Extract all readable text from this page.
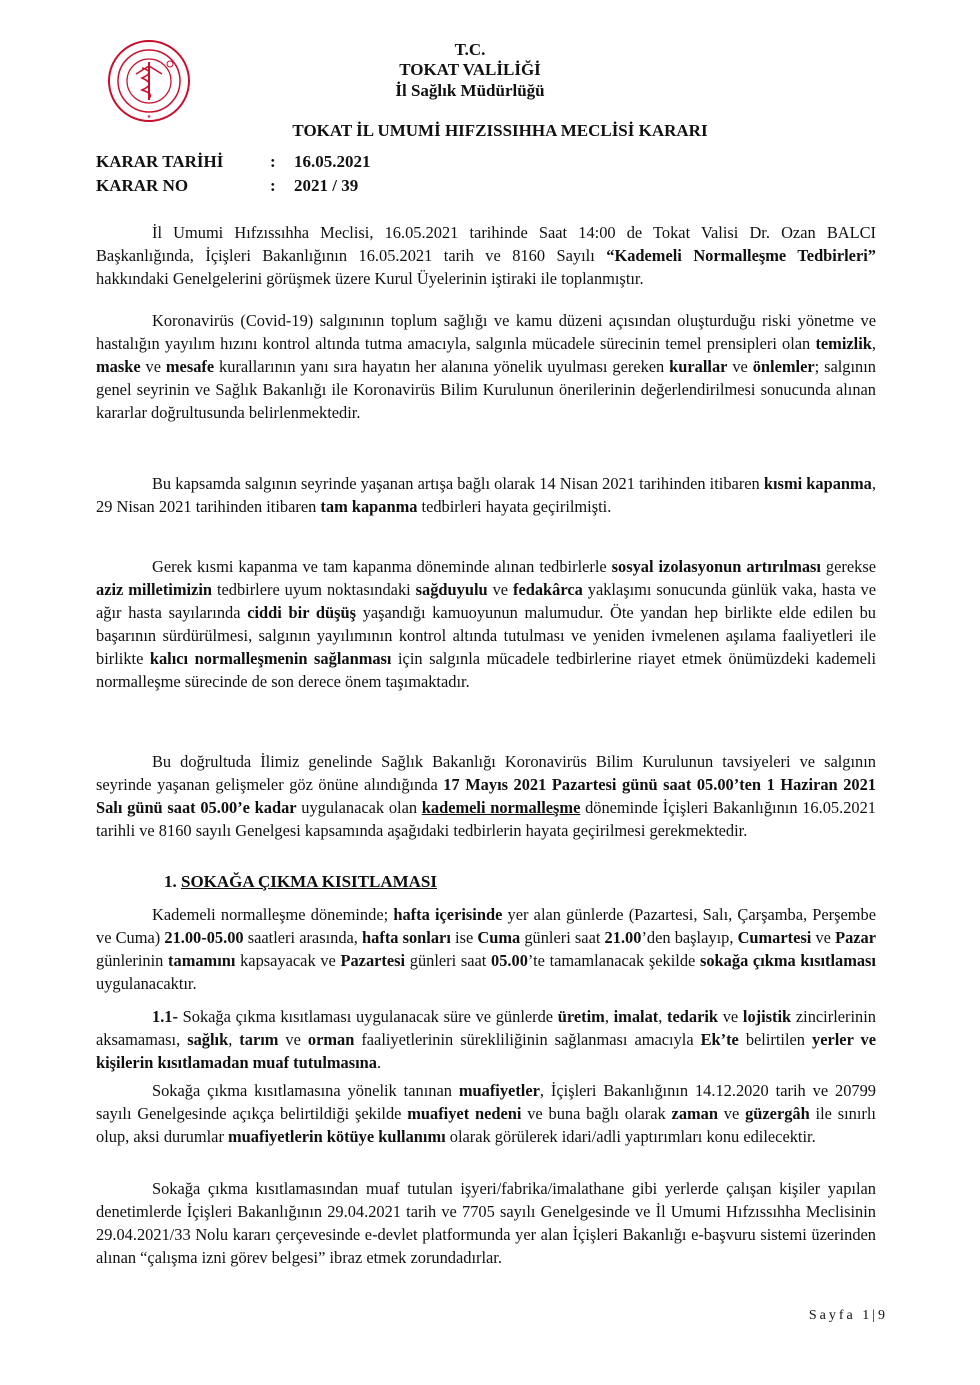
★
T.C.
TOKAT VALİLİĞİ
İl Sağlık Müdürlüğü
TOKAT İL UMUMİ HIFZISSIHHA MECLİSİ KARARI
KARAR TARİHİ	: 16.05.2021
KARAR NO	: 2021 / 39
İl Umumi Hıfzıssıhha Meclisi, 16.05.2021 tarihinde Saat 14:00 de Tokat Valisi Dr. Ozan BALCI Başkanlığında, İçişleri Bakanlığının 16.05.2021 tarih ve 8160 Sayılı “Kademeli Normalleşme Tedbirleri” hakkındaki Genelgelerini görüşmek üzere Kurul Üyelerinin iştiraki ile toplanmıştır.
Koronavirüs (Covid-19) salgınının toplum sağlığı ve kamu düzeni açısından oluşturduğu riski yönetme ve hastalığın yayılım hızını kontrol altında tutma amacıyla, salgınla mücadele sürecinin temel prensipleri olan temizlik, maske ve mesafe kurallarının yanı sıra hayatın her alanına yönelik uyulması gereken kurallar ve önlemler; salgının genel seyrinin ve Sağlık Bakanlığı ile Koronavirüs Bilim Kurulunun önerilerinin değerlendirilmesi sonucunda alınan kararlar doğrultusunda belirlenmektedir.
Bu kapsamda salgının seyrinde yaşanan artışa bağlı olarak 14 Nisan 2021 tarihinden itibaren kısmi kapanma, 29 Nisan 2021 tarihinden itibaren tam kapanma tedbirleri hayata geçirilmişti.
Gerek kısmi kapanma ve tam kapanma döneminde alınan tedbirlerle sosyal izolasyonun artırılması gerekse aziz milletimizin tedbirlere uyum noktasındaki sağduyulu ve fedakârca yaklaşımı sonucunda günlük vaka, hasta ve ağır hasta sayılarında ciddi bir düşüş yaşandığı kamuoyunun malumudur. Öte yandan hep birlikte elde edilen bu başarının sürdürülmesi, salgının yayılımının kontrol altında tutulması ve yeniden ivmelenen aşılama faaliyetleri ile birlikte kalıcı normalleşmenin sağlanması için salgınla mücadele tedbirlerine riayet etmek önümüzdeki kademeli normalleşme sürecinde de son derece önem taşımaktadır.
Bu doğrultuda İlimiz genelinde Sağlık Bakanlığı Koronavirüs Bilim Kurulunun tavsiyeleri ve salgının seyrinde yaşanan gelişmeler göz önüne alındığında 17 Mayıs 2021 Pazartesi günü saat 05.00’ten 1 Haziran 2021 Salı günü saat 05.00’e kadar uygulanacak olan kademeli normalleşme döneminde İçişleri Bakanlığının 16.05.2021 tarihli ve 8160 sayılı Genelgesi kapsamında aşağıdaki tedbirlerin hayata geçirilmesi gerekmektedir.
1. SOKAĞA ÇIKMA KISITLAMASI
Kademeli normalleşme döneminde; hafta içerisinde yer alan günlerde (Pazartesi, Salı, Çarşamba, Perşembe ve Cuma) 21.00-05.00 saatleri arasında, hafta sonları ise Cuma günleri saat 21.00’den başlayıp, Cumartesi ve Pazar günlerinin tamamını kapsayacak ve Pazartesi günleri saat 05.00’te tamamlanacak şekilde sokağa çıkma kısıtlaması uygulanacaktır.
1.1- Sokağa çıkma kısıtlaması uygulanacak süre ve günlerde üretim, imalat, tedarik ve lojistik zincirlerinin aksamaması, sağlık, tarım ve orman faaliyetlerinin sürekliliğinin sağlanması amacıyla Ek’te belirtilen yerler ve kişilerin kısıtlamadan muaf tutulmasına.
Sokağa çıkma kısıtlamasına yönelik tanınan muafiyetler, İçişleri Bakanlığının 14.12.2020 tarih ve 20799 sayılı Genelgesinde açıkça belirtildiği şekilde muafiyet nedeni ve buna bağlı olarak zaman ve güzergâh ile sınırlı olup, aksi durumlar muafiyetlerin kötüye kullanımı olarak görülerek idari/adli yaptırımları konu edilecektir.
Sokağa çıkma kısıtlamasından muaf tutulan işyeri/fabrika/imalathane gibi yerlerde çalışan kişiler yapılan denetimlerde İçişleri Bakanlığının 29.04.2021 tarih ve 7705 sayılı Genelgesinde ve İl Umumi Hıfzıssıhha Meclisinin 29.04.2021/33 Nolu kararı çerçevesinde e-devlet platformunda yer alan İçişleri Bakanlığı e-başvuru sistemi üzerinden alınan “çalışma izni görev belgesi” ibraz etmek zorundadırlar.
Sayfa 1|9
